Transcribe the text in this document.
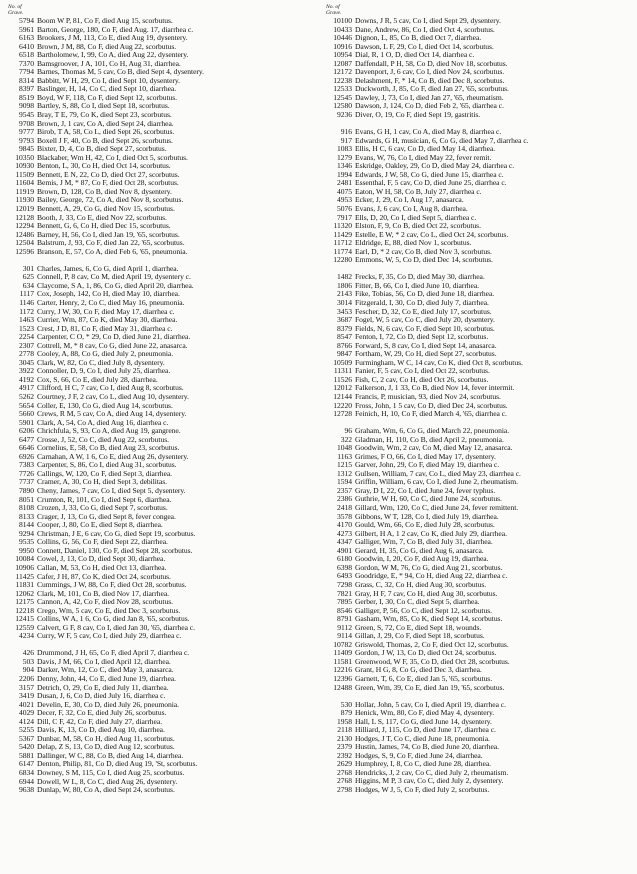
No. of
Grave.
5794 Boom W P, 81, Co F, died Aug 15, scorbutus.
5961 Barton, George, 180, Co F, died Aug. 17, diarrhea c.
6163 Brookers, J M, 113, Co E, died Aug 19, dysentery.
6410 Brown, J M, 88, Co F, died Aug 22, scorbutus.
6518 Bartholomew, I, 99, Co A, died Aug 22, dysentery.
7370 Bamsgroover, J A, 101, Co H, Aug 31, diarrhea.
7794 Barnes, Thomas M, 5 cav, Co B, died Sept 4, dysentery.
8314 Babbitt, W H, 29, Co I, died Sept 10, dysentery.
8397 Baslinger, H, 14, Co C, died Sept 10, diarrhea.
8519 Boyd, W F, 118, Co F, died Sept 12, scorbutus.
9098 Bartley, S, 88, Co I, died Sept 18, scorbutus.
9545 Bray, T E, 79, Co K, died Sept 23, scorbutus.
9708 Brown, J, 1 cav, Co A, died Sept 24, diarrhea.
9777 Birob, T A, 58, Co L, died Sept 26, scorbutus.
9793 Boxell J F, 40, Co B, died Sept 26, scorbutus.
9845 Bixter, D, 4, Co B, died Sept 27, scorbutus.
10350 Blackaber, Wm H, 42, Co I, died Oct 5, scorbutus.
10930 Benton, L, 30, Co H, died Oct 14, scorbutus.
11509 Bennett, E N, 22, Co D, died Oct 27, scorbutus.
11604 Bemis, J M, * 87, Co F, died Oct 28, scorbutus.
11919 Brown, D, 128, Co B, died Nov 8, dysentery.
11930 Bailey, George, 72, Co A, died Nov 8, scorbutus.
12019 Bennett, A, 29, Co G, died Nov 15, scorbutus.
12128 Booth, J, 33, Co E, died Nov 22, scorbutus.
12294 Bennett, G, 6, Co H, died Dec 15, scorbutus.
12486 Barney, H, 56, Co I, died Jan 19, '65, scorbutus.
12504 Balstrum, J, 93, Co F, died Jan 22, '65, scorbutus.
12596 Branson, E, 57, Co A, died Feb 6, '65, pneumonia.
301 Charles, James, 6, Co G, died April 1, diarrhea.
625 Connell, P, 8 cav, Co M, died April 19, dysentery c.
634 Claycome, S A, 1, 86, Co G, died April 20, diarrhea.
1117 Cox, Joseph, 142, Co H, died May 10, diarrhea.
1146 Carter, Henry, 2, Co C, died May 16, pneumonia.
1172 Curry, J W, 30, Co F, died May 17, diarrhea c.
1463 Currier, Wm, 87, Co K, died May 30, diarrhea.
1523 Crest, J D, 81, Co F, died May 31, diarrhea c.
2254 Carpenter, C O, * 29, Co D, died June 21, diarrhea.
2307 Cottrell, M, * 8 cav, Co G, died June 22, anasarca.
2778 Cooley, A, 88, Co G, died July 2, pneumonia.
3045 Clark, W, 82, Co C, died July 8, dysentery.
3922 Connoller, D, 9, Co I, died July 25, diarrhea.
4192 Cox, S, 66, Co E, died July 28, diarrhea.
4917 Clifford, H C, 7 cav, Co I, died Aug 8, scorbutus.
5262 Courtney, J F, 2 cav, Co L, died Aug 10, dysentery.
5654 Coller, E, 130, Co G, died Aug 14, scorbutus.
5660 Crews, R M, 5 cav, Co A, died Aug 14, dysentery.
5901 Clark, A, 54, Co A, died Aug 16, diarrhea c.
6206 Chrichfula, S, 93, Co A, died Aug 19, gangrene.
6477 Crosse, J, 52, Co C, died Aug 22, scorbutus.
6646 Cornelius, E, 58, Co B, died Aug 23, scorbutus.
6926 Carnahan, A W, 1 6, Co E, died Aug 26, dysentery.
7383 Carpenter, S, 86, Co I, died Aug 31, scorbutus.
7726 Callings, W, 120, Co F, died Sept 3, diarrhea.
7737 Cramer, A, 30, Co H, died Sept 3, debilitas.
7890 Cheny, James, 7 cav, Co I, died Sept 5, dysentery.
8051 Crumton, R, 101, Co I, died Sept 6, diarrhea.
8108 Crozen, J, 33, Co G, died Sept 7, scorbutus.
8133 Crager, J, 13, Co G, died Sept 8, fever congea.
8144 Cooper, J, 80, Co E, died Sept 8, diarrhea.
9294 Christman, J E, 6 cav, Co G, died Sept 19, scorbutus.
9535 Collins, G, 56, Co F, died Sept 22, diarrhea.
9950 Connett, Daniel, 130, Co F, died Sept 28, scorbutus.
10084 Cowel, J, 13, Co D, died Sept 30, diarrhea.
10906 Callan, M, 53, Co H, died Oct 13, diarrhea.
11425 Cafer, J H, 87, Co K, died Oct 24, scorbutus.
11831 Cummings, J W, 88, Co F, died Oct 28, scorbutus.
12062 Clark, M, 101, Co B, died Nov 17, diarrhea.
12175 Cannon, A, 42, Co F, died Nov 28, scorbutus.
12218 Crego, Wm, 5 cav, Co E, died Dec 3, scorbutus.
12415 Collins, W A, 1 6, Co G, died Jan 8, '65, scorbutus.
12559 Calvert, G F, 8 cav, Co I, died Jan 30, '65, diarrhea c.
4234 Curry, W F, 5 cav, Co I, died July 29, diarrhea c.
426 Drummond, J H, 65, Co F, died April 7, diarrhea c.
503 Davis, J M, 66, Co I, died April 12, diarrhea.
904 Darker, Wm, 12, Co C, died May 3, anasarca.
2206 Denny, John, 44, Co E, died June 19, diarrhea.
3157 Detrich, O, 29, Co E, died July 11, diarrhea.
3419 Dusan, J, 6, Co D, died July 16, diarrhea c.
4021 Develin, E, 30, Co D, died July 26, pneumonia.
4029 Decer, F, 32, Co E, died July 26, scorbutus.
4124 Dill, C F, 42, Co F, died July 27, diarrhea.
5255 Davis, K, 13, Co D, died Aug 10, diarrhea.
5367 Dunbar, M, 58, Co H, died Aug 11, scorbutus.
5420 Delap, Z S, 13, Co D, died Aug 12, scorbutus.
5881 Dallinger, W C, 88, Co B, died Aug 14, diarrhea.
6147 Denton, Philip, 81, Co D, died Aug 19, 'St, scorbutus.
6834 Downey, S M, 115, Co I, died Aug 25, scorbutus.
6944 Dowell, W L, 8, Co C, died Aug 26, dysentery.
9638 Dunlap, W, 80, Co A, died Sept 24, scorbutus.
No. of
Grave.
10100 Downs, J R, 5 cav, Co I, died Sept 29, dysentery.
10433 Dane, Andrew, 86, Co I, died Oct 4, scorbutus.
10446 Dignon, L, 85, Co B, died Oct 7, diarrhea.
10916 Dawson, L F, 29, Co I, died Oct 14, scorbutus.
10954 Dial, R, 1 O, D, died Oct 14, diarrhea c.
12087 Daffendall, P H, 58, Co D, died Nov 18, scorbutus.
12172 Davenport, J, 6 cav, Co I, died Nov 24, scorbutus.
12238 Delashment, F, * 14, Co B, died Dec 8, scorbutus.
12533 Duckworth, J, 85, Co F, died Jan 27, '65, scorbutus.
12545 Dawley, J, 73, Co I, died Jan 27, '65, rheumatism.
12580 Dawson, J, 124, Co D, died Feb 2, '65, diarrhea c.
9236 Diver, O, 19, Co F, died Sept 19, gastritis.
916 Evans, G H, 1 cav, Co A, died May 8, diarrhea c.
917 Edwards, G H, musician, 6, Co G, died May 7, diarrhea c.
1083 Ellis, H C, 6 cav, Co D, died May 14, diarrhea.
1279 Evans, W, 76, Co I, died May 22, fever remit.
1346 Eskridge, Oakley, 29, Co D, died May 24, diarrhea c.
1994 Edwards, J W, 58, Co G, died June 15, diarrhea c.
2481 Essenthal, F, 5 cav, Co D, died June 25, diarrhea c.
4075 Eaton, W H, 58, Co B, July 27, diarrhea c.
4953 Ecker, J, 29, Co I, Aug 17, anasarca.
5076 Evans, J, 6 cav, Co I, Aug 8, diarrhea.
7917 Ells, D, 20, Co I, died Sept 5, diarrhea c.
11320 Elston, F, 9, Co B, died Oct 22, scorbutus.
11429 Estelle, E W, * 2 cav, Co L, died Oct 24, scorbutus.
11712 Eldridge, E, 88, died Nov 1, scorbutus.
11774 Earl, D, * 2 cav, Co B, died Nov 3, scorbutus.
12280 Emmons, W, 5, Co D, died Dec 14, scorbutus.
1482 Frecks, F, 35, Co D, died May 30, diarrhea.
1806 Fitter, B, 66, Co I, died June 10, diarrhea.
2143 Fike, Tobias, 56, Co D, died June 18, diarrhea.
3014 Fitzgerald, I, 30, Co D, died July 7, diarrhea.
3453 Fescher, D, 32, Co E, died July 17, scorbutus.
3687 Fogel, W, 5 cav, Co C, died July 20, dysentery.
8379 Fields, N, 6 cav, Co F, died Sept 10, scorbutus.
8547 Fenton, I, 72, Co D, died Sept 12, scorbutus.
8766 Forward, S, 8 cav, Co I, died Sept 14, anasarca.
9847 Fortham, W, 29, Co H, died Sept 27, scorbutus.
10509 Furmingham, W C, 14 cav, Co K, died Oct 8, scorbutus.
11311 Fanier, F, 5 cav, Co I, died Oct 22, scorbutus.
11526 Fish, C, 2 cav, Co H, died Oct 26, scorbutus.
12012 Falkerson, J, 1 33, Co B, died Nov 14, fever intermit.
12144 Francis, P, musician, 93, died Nov 24, scorbutus.
12220 Fross, John, 1 5 cav, Co D, died Dec 24, scorbutus.
12728 Feinich, H, 10, Co F, died March 4, '65, diarrhea c.
96 Graham, Wm, 6, Co G, died March 22, pneumonia.
322 Gladman, H, 110, Co B, died April 2, pneumonia.
1048 Goodwin, Wm, 2 cav, Co M, died May 12, anasarca.
1163 Grimes, F O, 66, Co I, died May 17, dysentery.
1215 Garver, John, 29, Co F, died May 19, diarrhea c.
1312 Gullsen, William, 7 cav, Co L, died May 23, diarrhea c.
1594 Griffin, William, 6 cav, Co I, died June 2, rheumatism.
2357 Gray, D I, 22, Co I, died June 24, fever typhus.
2386 Guthrie, W H, 60, Co C, died June 24, scorbutus.
2418 Gillard, Wm, 120, Co C, died June 24, fever remittent.
3578 Gibbons, W T, 128, Co I, died July 19, diarrhea.
4170 Gould, Wm, 66, Co E, died July 28, scorbutus.
4273 Gilbert, H A, 1 2 cav, Co K, died July 29, diarrhea.
4347 Galliger, Wm, 7, Co B, died July 31, diarrhea.
4901 Gerard, H, 35, Co G, died Aug 6, anasarca.
6180 Goodwin, I, 20, Co F, died Aug 19, diarrhea.
6398 Gordon, W M, 76, Co G, died Aug 21, scorbutus.
6493 Goodridge, E, * 94, Co H, died Aug 22, diarrhea c.
7298 Grass, C, 32, Co H, died Aug 30, scorbutus.
7821 Gray, H F, 7 cav, Co H, died Aug 30, scorbutus.
7895 Gerber, I, 30, Co C, died Sept 5, diarrhea.
8546 Galliger, P, 56, Co C, died Sept 12, scorbutus.
8791 Gasham, Wm, 85, Co K, died Sept 14, scorbutus.
9112 Green, S, 72, Co E, died Sept 18, wounds.
9114 Gillan, J, 29, Co F, died Sept 18, scorbutus.
10782 Griswold, Thomas, 2, Co F, died Oct 12, scorbutus.
11409 Gordon, J W, 13, Co D, died Oct 24, scorbutus.
11581 Greenwood, W F, 35, Co D, died Oct 28, scorbutus.
12216 Grant, H G, 8, Co G, died Dec 3, diarrhea.
12396 Garnett, T, 6, Co E, died Jan 5, '65, scorbutus.
12488 Green, Wm, 39, Co E, died Jan 19, '65, scorbutus.
530 Hollar, John, 5 cav, Co I, died April 19, diarrhea c.
879 Henick, Wm, 80, Co F, died May 4, dysentery.
1958 Hall, L S, 117, Co G, died June 14, dysentery.
2118 Hilliard, J, 115, Co D, died June 17, diarrhea c.
2130 Hodges, J T, Co C, died June 18, pneumonia.
2379 Hustin, James, 74, Co B, died June 20, diarrhea.
2392 Hodges, S, 9, Co F, died June 24, diarrhea.
2629 Humphrey, I, 8, Co C, died June 28, diarrhea.
2768 Hendricks, J, 2 cav, Co C, died July 2, rheumatism.
2768 Higgins, M P, 3 cav, Co C, died July 2, dysentery.
2798 Hodges, W J, 5, Co F, died July 2, scorbutus.
